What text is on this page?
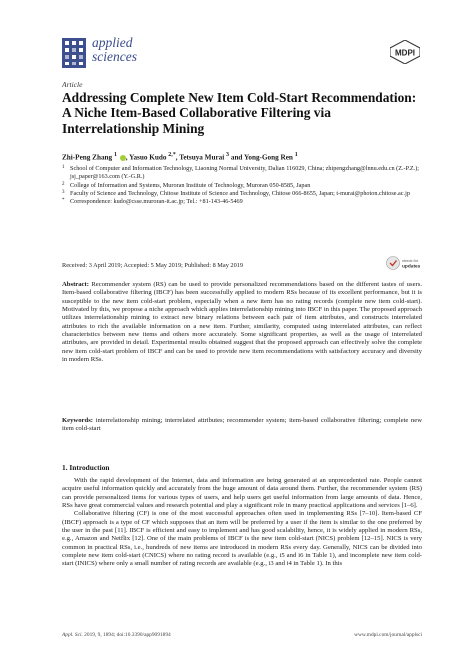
applied
sciences	MDPI
Article
Addressing Complete New Item Cold-Start Recommendation: A Niche Item-Based Collaborative Filtering via Interrelationship Mining
Zhi-Peng Zhang $^1$ , Yasuo Kudo $^{2,*}$, Tetsuya Murai $^3$ and Yong-Gong Ren $^1$
1 School of Computer and Information Technology, Liaoning Normal University, Dalian 116029, China; zhipengzhang@lnnu.edu.cn (Z.-P.Z.); jsj_paper@163.com (Y.-G.R.)
2 College of Information and Systems, Muroran Institute of Technology, Muroran 050-8585, Japan
3 Faculty of Science and Technology, Chitose Institute of Science and Technology, Chitose 066-8655, Japan; t-murai@photon.chitose.ac.jp
* Correspondence: kudo@csse.muroran-it.ac.jp; Tel.: +81-143-46-5469
check for
updates
Received: 3 April 2019; Accepted: 5 May 2019; Published: 8 May 2019

Abstract: Recommender system (RS) can be used to provide personalized recommendations based on the different tastes of users. Item-based collaborative filtering (IBCF) has been successfully applied to modern RSs because of its excellent performance, but it is susceptible to the new item cold-start problem, especially when a new item has no rating records (complete new item cold-start). Motivated by this, we propose a niche approach which applies interrelationship mining into IBCF in this paper. The proposed approach utilizes interrelationship mining to extract new binary relations between each pair of item attributes, and constructs interrelated attributes to rich the available information on a new item. Further, similarity, computed using interrelated attributes, can reflect characteristics between new items and others more accurately. Some significant properties, as well as the usage of interrelated attributes, are provided in detail. Experimental results obtained suggest that the proposed approach can effectively solve the complete new item cold-start problem of IBCF and can be used to provide new item recommendations with satisfactory accuracy and diversity in modern RSs.

Keywords: interrelationship mining; interrelated attributes; recommender system; item-based collaborative filtering; complete new item cold-start

1. Introduction

With the rapid development of the Internet, data and information are being generated at an unprecedented rate. People cannot acquire useful information quickly and accurately from the huge amount of data around them. Further, the recommender system (RS) can provide personalized items for various types of users, and help users get useful information from large amounts of data. Hence, RSs have great commercial values and research potential and play a significant role in many practical applications and services [1–6].

Collaborative filtering (CF) is one of the most successful approaches often used in implementing RSs [7–10]. Item-based CF (IBCF) approach is a type of CF which supposes that an item will be preferred by a user if the item is similar to the one preferred by the user in the past [11]. IBCF is efficient and easy to implement and has good scalability, hence, it is widely applied in modern RSs, e.g., Amazon and Netflix [12]. One of the main problems of IBCF is the new item cold-start (NICS) problem [12–15]. NICS is very common in practical RSs, i.e., hundreds of new items are introduced in modern RSs every day. Generally, NICS can be divided into complete new item cold-start (CNICS) where no rating record is available (e.g., i5 and i6 in Table 1), and incomplete new item cold-start (INICS) where only a small number of rating records are available (e.g., i3 and i4 in Table 1). In this

Appl. Sci. 2019, 9, 1894; doi:10.3390/app9091894	www.mdpi.com/journal/applsci
